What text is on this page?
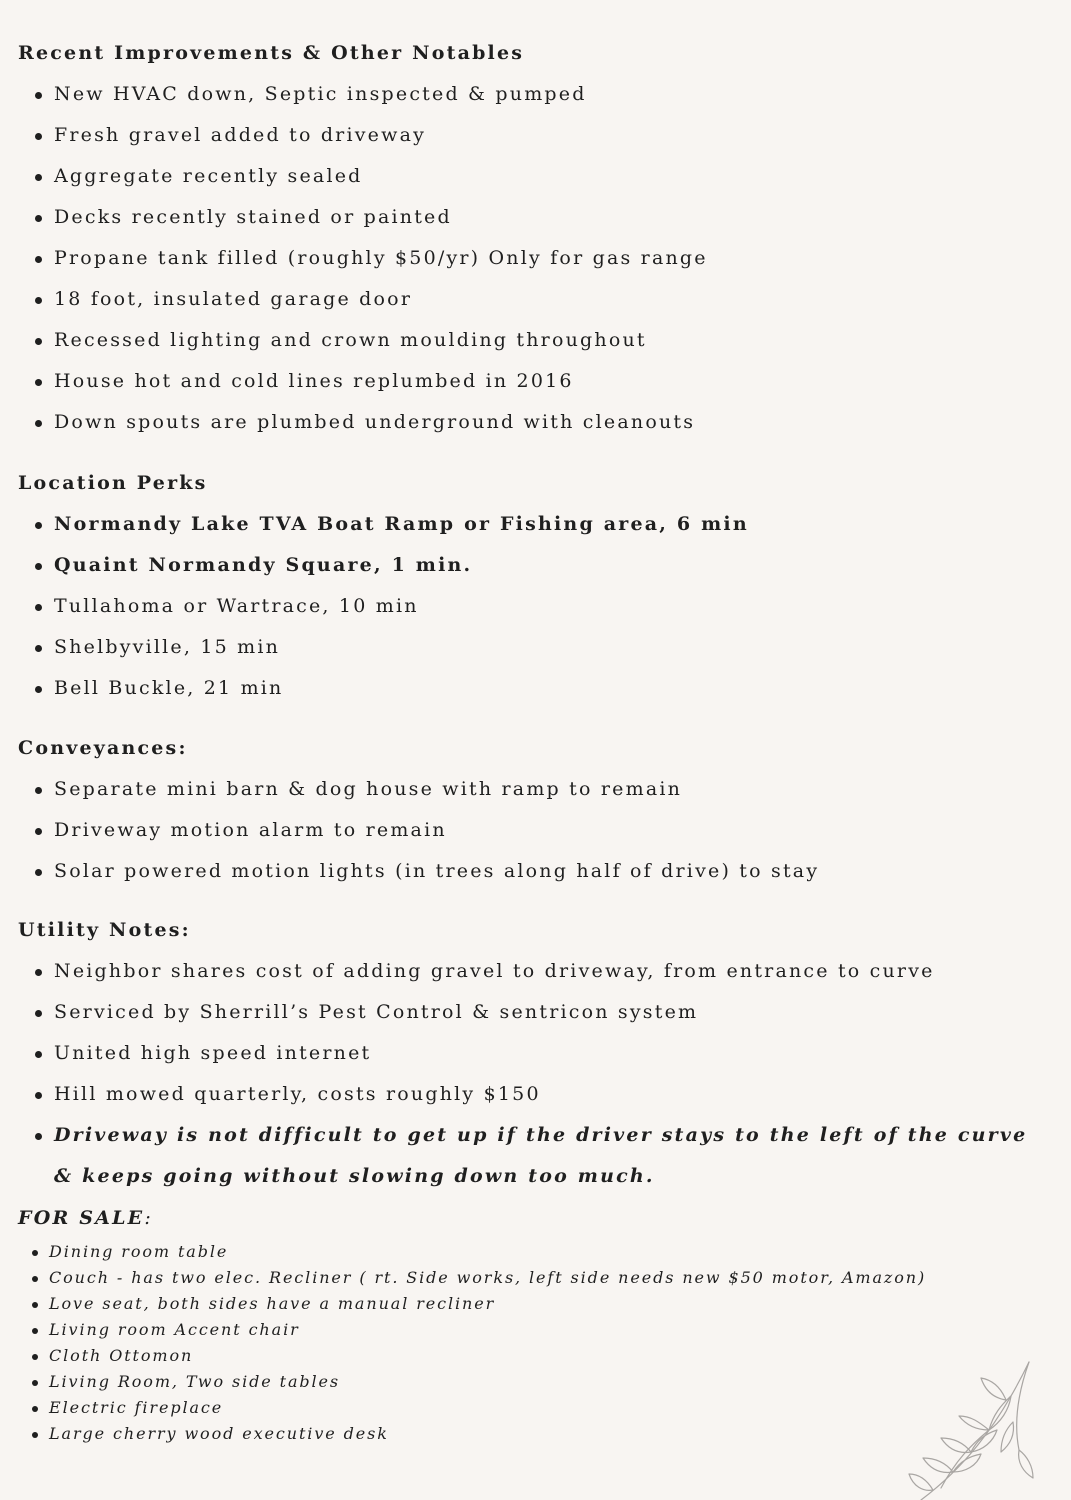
Recent Improvements & Other Notables
New HVAC down, Septic inspected & pumped
Fresh gravel added to driveway
Aggregate recently sealed
Decks recently stained or painted
Propane tank filled (roughly $50/yr) Only for gas range
18 foot, insulated garage door
Recessed lighting and crown moulding throughout
House hot and cold lines replumbed in 2016
Down spouts are plumbed underground with cleanouts
Location Perks
Normandy Lake TVA Boat Ramp or Fishing area, 6 min
Quaint Normandy Square, 1 min.
Tullahoma or Wartrace, 10 min
Shelbyville, 15 min
Bell Buckle, 21 min
Conveyances:
Separate mini barn & dog house with ramp to remain
Driveway motion alarm to remain
Solar powered motion lights (in trees along half of drive) to stay
Utility Notes:
Neighbor shares cost of adding gravel to driveway, from entrance to curve
Serviced by Sherrill’s Pest Control & sentricon system
United high speed internet
Hill mowed quarterly, costs roughly $150
Driveway is not difficult to get up if the driver stays to the left of the curve & keeps going without slowing down too much.
FOR SALE:
Dining room table
Couch - has two elec. Recliner ( rt. Side works, left side needs new $50 motor, Amazon)
Love seat, both sides have a manual recliner
Living room Accent chair
Cloth Ottomon
Living Room, Two side tables
Electric fireplace
Large cherry wood executive desk
